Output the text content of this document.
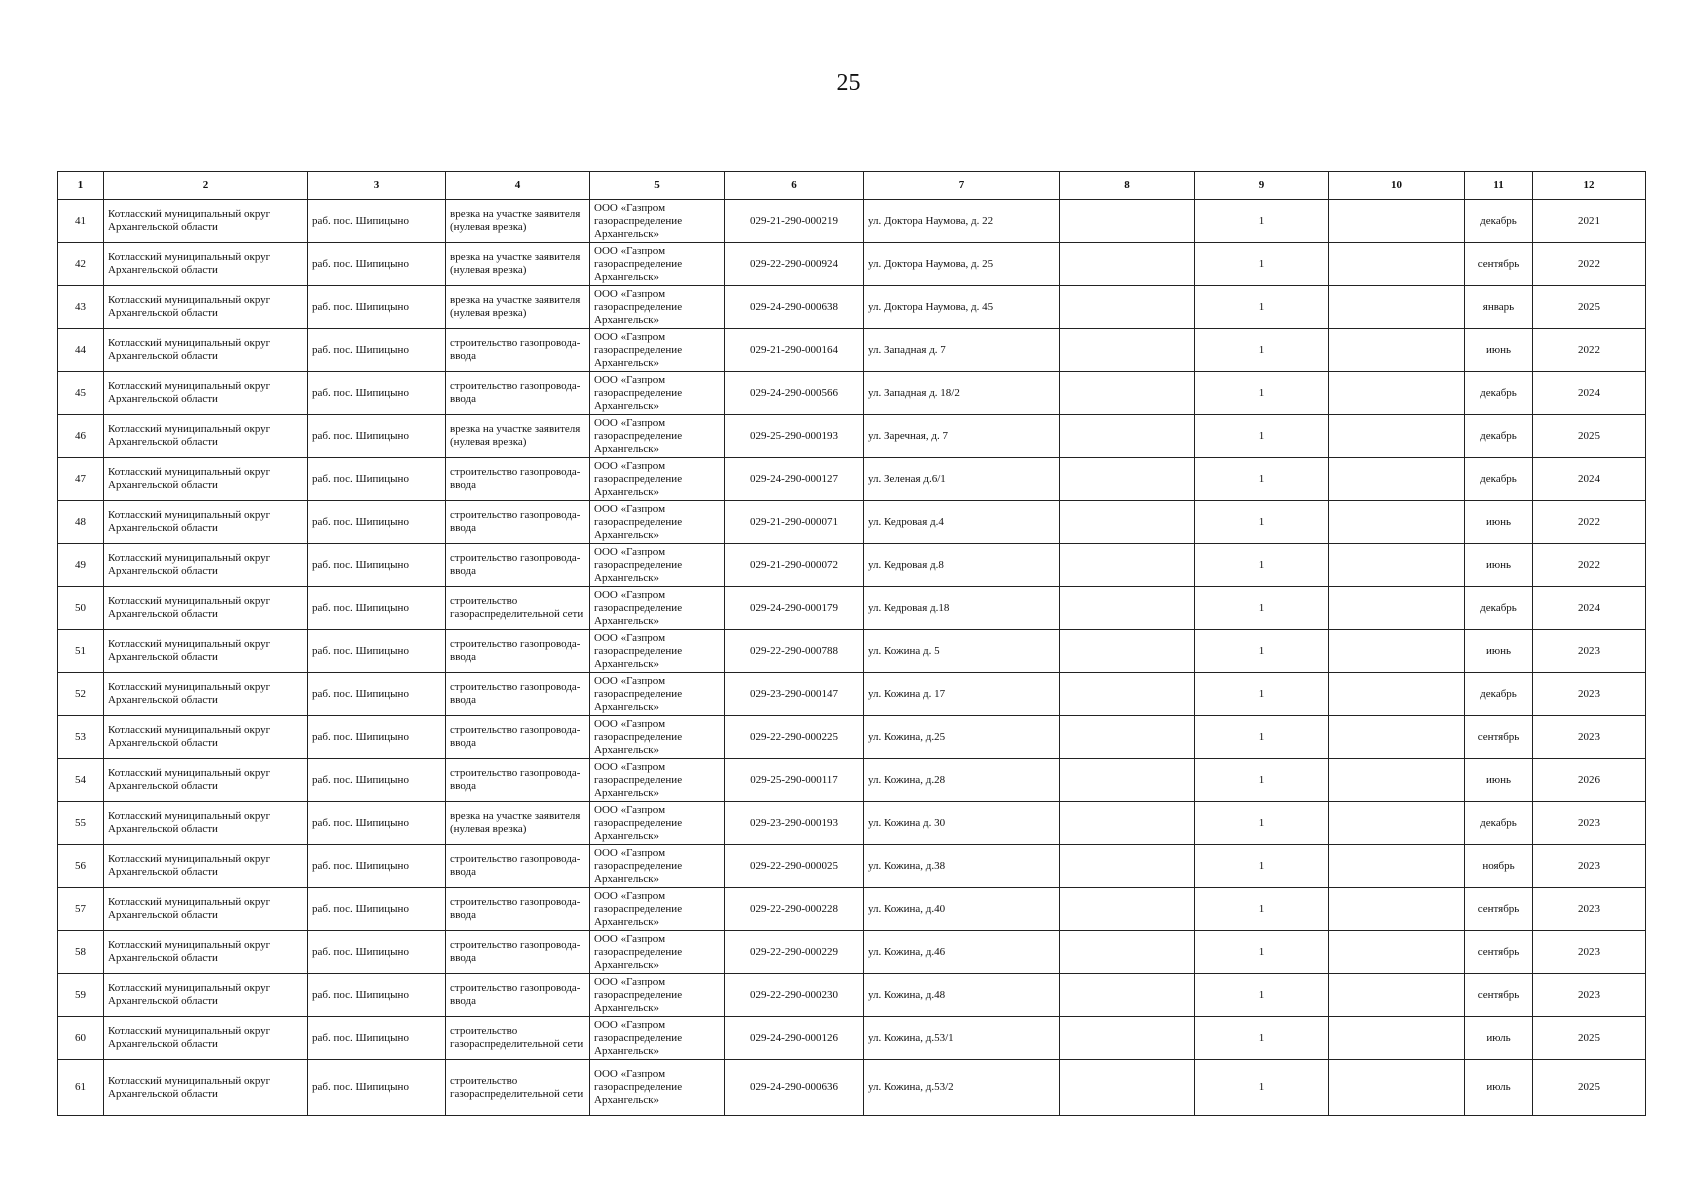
25
1	2	3	4	5	6	7	8	9	10	11	12
41	Котласский муниципальный округ Архангельской области	раб. пос. Шипицыно	врезка на участке заявителя (нулевая врезка)	ООО «Газпром газораспределение Архангельск»	029-21-290-000219	ул. Доктора Наумова, д. 22		1		декабрь	2021
42	Котласский муниципальный округ Архангельской области	раб. пос. Шипицыно	врезка на участке заявителя (нулевая врезка)	ООО «Газпром газораспределение Архангельск»	029-22-290-000924	ул. Доктора Наумова, д. 25		1		сентябрь	2022
43	Котласский муниципальный округ Архангельской области	раб. пос. Шипицыно	врезка на участке заявителя (нулевая врезка)	ООО «Газпром газораспределение Архангельск»	029-24-290-000638	ул. Доктора Наумова, д. 45		1		январь	2025
44	Котласский муниципальный округ Архангельской области	раб. пос. Шипицыно	строительство газопровода-ввода	ООО «Газпром газораспределение Архангельск»	029-21-290-000164	ул. Западная д. 7		1		июнь	2022
45	Котласский муниципальный округ Архангельской области	раб. пос. Шипицыно	строительство газопровода-ввода	ООО «Газпром газораспределение Архангельск»	029-24-290-000566	ул. Западная д. 18/2		1		декабрь	2024
46	Котласский муниципальный округ Архангельской области	раб. пос. Шипицыно	врезка на участке заявителя (нулевая врезка)	ООО «Газпром газораспределение Архангельск»	029-25-290-000193	ул. Заречная, д. 7		1		декабрь	2025
47	Котласский муниципальный округ Архангельской области	раб. пос. Шипицыно	строительство газопровода-ввода	ООО «Газпром газораспределение Архангельск»	029-24-290-000127	ул. Зеленая д.6/1		1		декабрь	2024
48	Котласский муниципальный округ Архангельской области	раб. пос. Шипицыно	строительство газопровода-ввода	ООО «Газпром газораспределение Архангельск»	029-21-290-000071	ул. Кедровая д.4		1		июнь	2022
49	Котласский муниципальный округ Архангельской области	раб. пос. Шипицыно	строительство газопровода-ввода	ООО «Газпром газораспределение Архангельск»	029-21-290-000072	ул. Кедровая д.8		1		июнь	2022
50	Котласский муниципальный округ Архангельской области	раб. пос. Шипицыно	строительство газораспределительной сети	ООО «Газпром газораспределение Архангельск»	029-24-290-000179	ул. Кедровая д.18		1		декабрь	2024
51	Котласский муниципальный округ Архангельской области	раб. пос. Шипицыно	строительство газопровода-ввода	ООО «Газпром газораспределение Архангельск»	029-22-290-000788	ул. Кожина д. 5		1		июнь	2023
52	Котласский муниципальный округ Архангельской области	раб. пос. Шипицыно	строительство газопровода-ввода	ООО «Газпром газораспределение Архангельск»	029-23-290-000147	ул. Кожина д. 17		1		декабрь	2023
53	Котласский муниципальный округ Архангельской области	раб. пос. Шипицыно	строительство газопровода-ввода	ООО «Газпром газораспределение Архангельск»	029-22-290-000225	ул. Кожина, д.25		1		сентябрь	2023
54	Котласский муниципальный округ Архангельской области	раб. пос. Шипицыно	строительство газопровода-ввода	ООО «Газпром газораспределение Архангельск»	029-25-290-000117	ул. Кожина, д.28		1		июнь	2026
55	Котласский муниципальный округ Архангельской области	раб. пос. Шипицыно	врезка на участке заявителя (нулевая врезка)	ООО «Газпром газораспределение Архангельск»	029-23-290-000193	ул. Кожина д. 30		1		декабрь	2023
56	Котласский муниципальный округ Архангельской области	раб. пос. Шипицыно	строительство газопровода-ввода	ООО «Газпром газораспределение Архангельск»	029-22-290-000025	ул. Кожина, д.38		1		ноябрь	2023
57	Котласский муниципальный округ Архангельской области	раб. пос. Шипицыно	строительство газопровода-ввода	ООО «Газпром газораспределение Архангельск»	029-22-290-000228	ул. Кожина, д.40		1		сентябрь	2023
58	Котласский муниципальный округ Архангельской области	раб. пос. Шипицыно	строительство газопровода-ввода	ООО «Газпром газораспределение Архангельск»	029-22-290-000229	ул. Кожина, д.46		1		сентябрь	2023
59	Котласский муниципальный округ Архангельской области	раб. пос. Шипицыно	строительство газопровода-ввода	ООО «Газпром газораспределение Архангельск»	029-22-290-000230	ул. Кожина, д.48		1		сентябрь	2023
60	Котласский муниципальный округ Архангельской области	раб. пос. Шипицыно	строительство газораспределительной сети	ООО «Газпром газораспределение Архангельск»	029-24-290-000126	ул. Кожина, д.53/1		1		июль	2025
61	Котласский муниципальный округ Архангельской области	раб. пос. Шипицыно	строительство газораспределительной сети	ООО «Газпром газораспределение Архангельск»	029-24-290-000636	ул. Кожина, д.53/2		1		июль	2025
